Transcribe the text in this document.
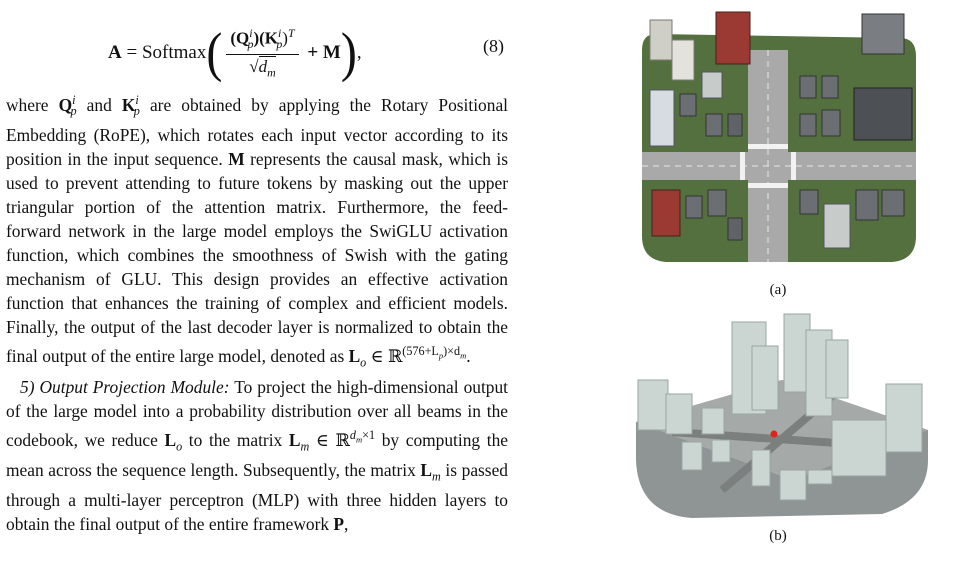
A = Softmax ( $\frac{(Q^i_p)(K^i_p)^T}{√d_m} + M$ ) ,	(8)

where $Q^i_p$ and $K^i_p$ are obtained by applying the Rotary Positional Embedding (RoPE), which rotates each input vector according to its position in the input sequence. M represents the causal mask, which is used to prevent attending to future tokens by masking out the upper triangular portion of the attention matrix. Furthermore, the feed-forward network in the large model employs the SwiGLU activation function, which combines the smoothness of Swish with the gating mechanism of GLU. This design provides an effective activation function that enhances the training of complex and efficient models. Finally, the output of the last decoder layer is normalized to obtain the final output of the entire large model, denoted as $L_o$ ∈ ℝ$^{(576+L_p)\times d_m}$.

5) Output Projection Module: To project the high-dimensional output of the large model into a probability distribution over all beams in the codebook, we reduce $L_o$ to the matrix $L_m$ ∈ ℝ$^{d_m\times 1}$ by computing the mean across the sequence length. Subsequently, the matrix $L_m$ is passed through a multi-layer perceptron (MLP) with three hidden layers to obtain the final output of the entire framework P,

(a)
(b)
